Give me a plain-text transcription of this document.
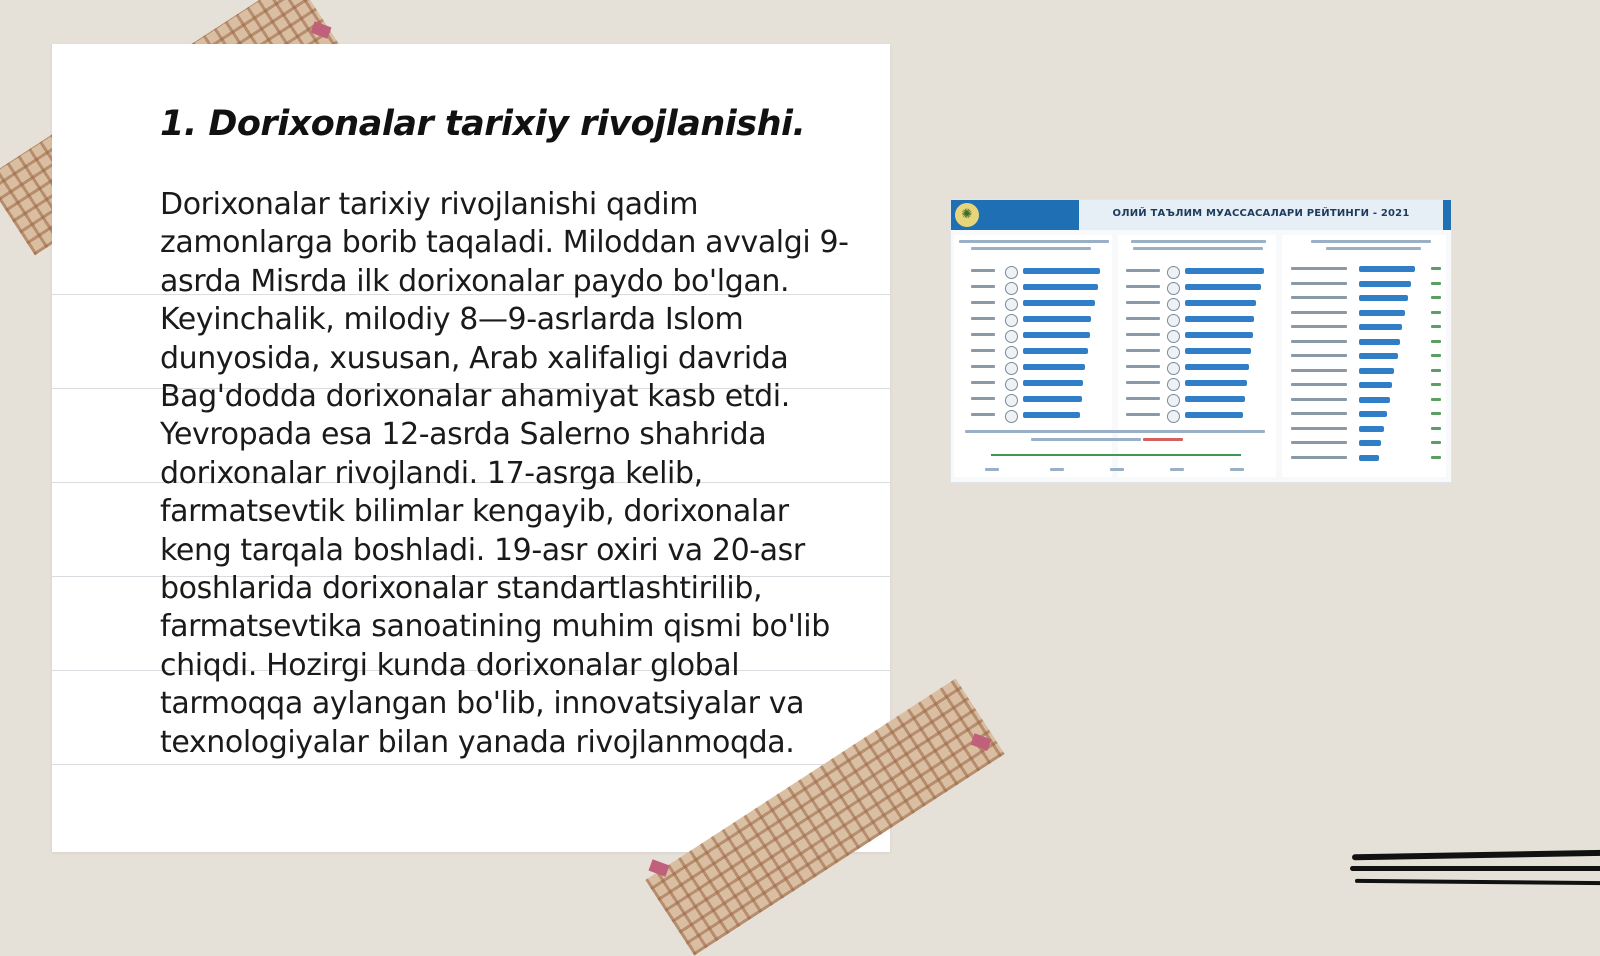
1. Dorixonalar tarixiy rivojlanishi.

Dorixonalar tarixiy rivojlanishi qadim zamonlarga borib taqaladi. Miloddan avvalgi 9-asrda Misrda ilk dorixonalar paydo bo'lgan. Keyinchalik, milodiy 8—9-asrlarda Islom dunyosida, xususan, Arab xalifaligi davrida Bag'dodda dorixonalar ahamiyat kasb etdi. Yevropada esa 12-asrda Salerno shahrida dorixonalar rivojlandi. 17-asrga kelib, farmatsevtik bilimlar kengayib, dorixonalar keng tarqala boshladi. 19-asr oxiri va 20-asr boshlarida dorixonalar standartlashtirilib, farmatsevtika sanoatining muhim qismi bo'lib chiqdi. Hozirgi kunda dorixonalar global tarmoqqa aylangan bo'lib, innovatsiyalar va texnologiyalar bilan yanada rivojlanmoqda.

✺	ОЛИЙ ТАЪЛИМ МУАССАСАЛАРИ РЕЙТИНГИ - 2021
